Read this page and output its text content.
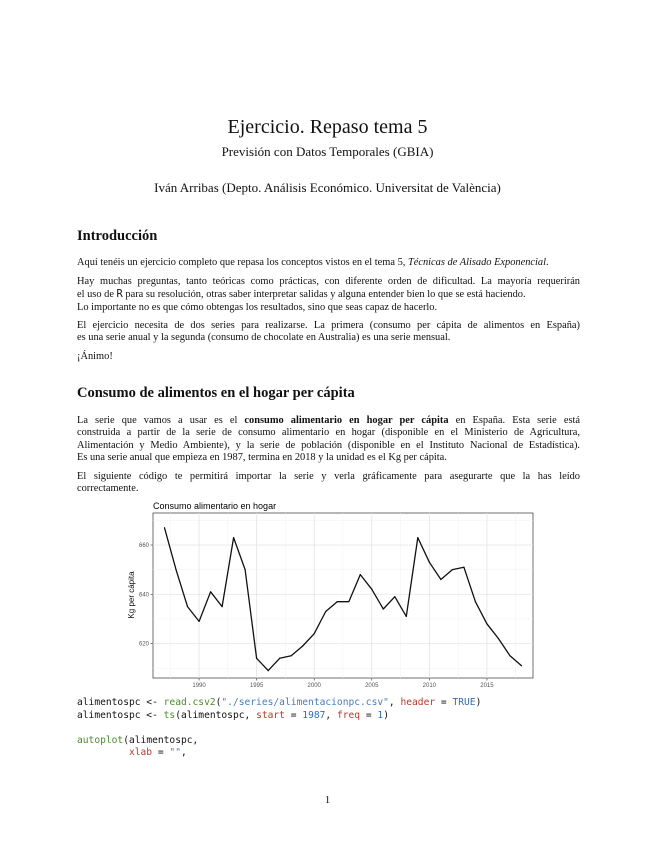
Ejercicio. Repaso tema 5
Previsión con Datos Temporales (GBIA)
Iván Arribas (Depto. Análisis Económico. Universitat de València)
Introducción
Aquí tenéis un ejercicio completo que repasa los conceptos vistos en el tema 5, Técnicas de Alisado Exponencial.
Hay muchas preguntas, tanto teóricas como prácticas, con diferente orden de dificultad. La mayoría requerirán
el uso de R para su resolución, otras saber interpretar salidas y alguna entender bien lo que se está haciendo.
Lo importante no es que cómo obtengas los resultados, sino que seas capaz de hacerlo.
El ejercicio necesita de dos series para realizarse. La primera (consumo per cápita de alimentos en España)
es una serie anual y la segunda (consumo de chocolate en Australia) es una serie mensual.
¡Ánimo!
Consumo de alimentos en el hogar per cápita
La serie que vamos a usar es el consumo alimentario en hogar per cápita en España. Esta serie está
construida a partir de la serie de consumo alimentario en hogar (disponible en el Ministerio de Agricultura,
Alimentación y Medio Ambiente), y la serie de población (disponible en el Instituto Nacional de Estadística).
Es una serie anual que empieza en 1987, termina en 2018 y la unidad es el Kg per cápita.
El siguiente código te permitirá importar la serie y verla gráficamente para asegurarte que la has leído
correctamente.
Consumo alimentario en hogar
1990	1995	2000	2005	2010	2015
620
640
660
Kg per cápita
alimentospc <- read.csv2("./series/alimentacionpc.csv", header = TRUE)
alimentospc <- ts(alimentospc, start = 1987, freq = 1)

autoplot(alimentospc,
xlab = "",
1
